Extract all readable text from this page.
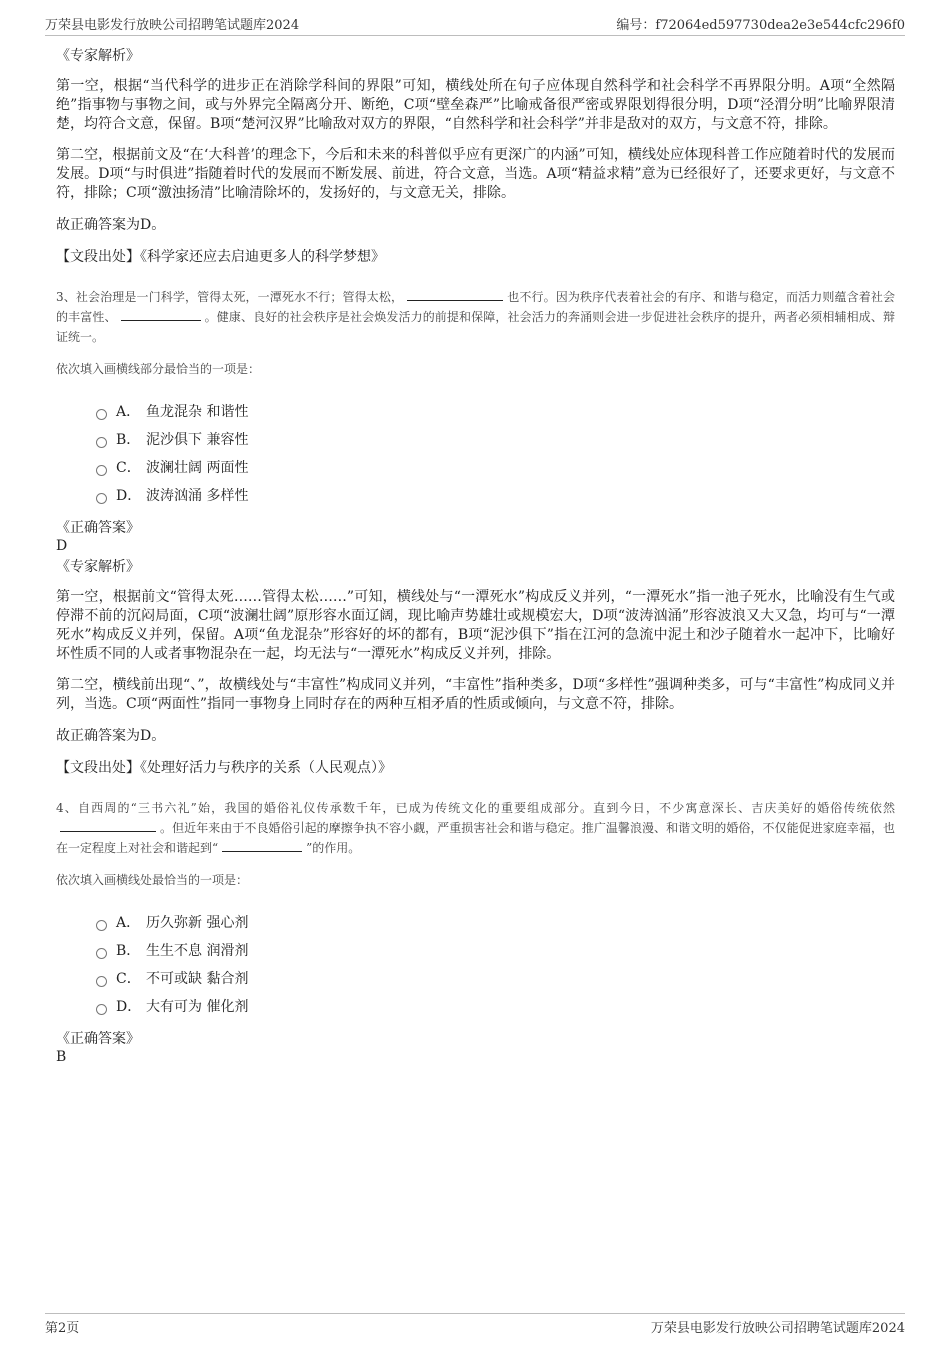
万荣县电影发行放映公司招聘笔试题库2024	编号：f72064ed597730dea2e3e544cfc296f0
《专家解析》

第一空，根据“当代科学的进步正在消除学科间的界限”可知，横线处所在句子应体现自然科学和社会科学不再界限分明。A项“全然隔绝”指事物与事物之间，或与外界完全隔离分开、断绝，C项“壁垒森严”比喻戒备很严密或界限划得很分明，D项“泾渭分明”比喻界限清楚，均符合文意，保留。B项“楚河汉界”比喻敌对双方的界限，“自然科学和社会科学”并非是敌对的双方，与文意不符，排除。

第二空，根据前文及“在‘大科普’的理念下，今后和未来的科普似乎应有更深广的内涵”可知，横线处应体现科普工作应随着时代的发展而发展。D项“与时俱进”指随着时代的发展而不断发展、前进，符合文意，当选。A项“精益求精”意为已经很好了，还要求更好，与文意不符，排除；C项“激浊扬清”比喻清除坏的，发扬好的，与文意无关，排除。

故正确答案为D。
【文段出处】《科学家还应去启迪更多人的科学梦想》
3、社会治理是一门科学，管得太死，一潭死水不行；管得太松，	也不行。因为秩序代表着社会的有序、和谐与稳定，而活力则蕴含着社会的丰富性、	。健康、良好的社会秩序是社会焕发活力的前提和保障，社会活力的奔涌则会进一步促进社会秩序的提升，两者必须相辅相成、辩证统一。
依次填入画横线部分最恰当的一项是：
A． 鱼龙混杂 和谐性
B． 泥沙俱下 兼容性
C． 波澜壮阔 两面性
D． 波涛汹涌 多样性
《正确答案》
D
《专家解析》

第一空，根据前文“管得太死……管得太松……”可知，横线处与“一潭死水”构成反义并列，“一潭死水”指一池子死水，比喻没有生气或停滞不前的沉闷局面，C项“波澜壮阔”原形容水面辽阔，现比喻声势雄壮或规模宏大，D项“波涛汹涌”形容波浪又大又急，均可与“一潭死水”构成反义并列，保留。A项“鱼龙混杂”形容好的坏的都有，B项“泥沙俱下”指在江河的急流中泥土和沙子随着水一起冲下，比喻好坏性质不同的人或者事物混杂在一起，均无法与“一潭死水”构成反义并列，排除。

第二空，横线前出现“、”，故横线处与“丰富性”构成同义并列，“丰富性”指种类多，D项“多样性”强调种类多，可与“丰富性”构成同义并列，当选。C项“两面性”指同一事物身上同时存在的两种互相矛盾的性质或倾向，与文意不符，排除。

故正确答案为D。
【文段出处】《处理好活力与秩序的关系（人民观点）》
4、自西周的“三书六礼”始，我国的婚俗礼仪传承数千年，已成为传统文化的重要组成部分。直到今日，不少寓意深长、吉庆美好的婚俗传统依然。但近年来由于不良婚俗引起的摩擦争执不容小觑，严重损害社会和谐与稳定。推广温馨浪漫、和谐文明的婚俗，不仅能促进家庭幸福，也在一定程度上对社会和谐起到“	”的作用。
依次填入画横线处最恰当的一项是：
A． 历久弥新 强心剂
B． 生生不息 润滑剂
C． 不可或缺 黏合剂
D． 大有可为 催化剂
《正确答案》
B
第2页	万荣县电影发行放映公司招聘笔试题库2024
